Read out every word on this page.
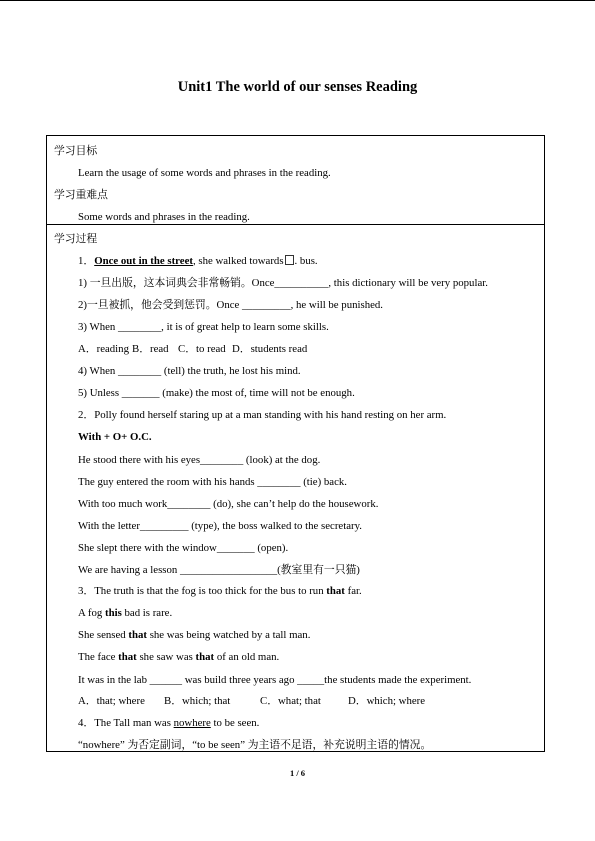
Unit1 The world of our senses Reading
学习目标
Learn the usage of some words and phrases in the reading.
学习重难点
Some words and phrases in the reading.
学习过程
1．Once out in the street, she walked towards . bus.
1) 一旦出版，这本词典会非常畅销。Once__________, this dictionary will be very popular.
2)一旦被抓，他会受到惩罚。Once _________, he will be punished.
3) When ________, it is of great help to learn some skills.
A．reading B．read C．to read D．students read
4) When ________ (tell) the truth, he lost his mind.
5) Unless _______ (make) the most of, time will not be enough.
2．Polly found herself staring up at a man standing with his hand resting on her arm.
With + O+ O.C.
He stood there with his eyes________ (look) at the dog.
The guy entered the room with his hands ________ (tie) back.
With too much work________ (do), she can’t help do the housework.
With the letter_________ (type), the boss walked to the secretary.
She slept there with the window_______ (open).
We are having a lesson __________________(教室里有一只猫)
3．The truth is that the fog is too thick for the bus to run that far.
A fog this bad is rare.
She sensed that she was being watched by a tall man.
The face that she saw was that of an old man.
It was in the lab ______ was build three years ago _____the students made the experiment.
A．that; where B．which; that	C．what; that	D．which; where
4．The Tall man was nowhere to be seen.
“nowhere” 为否定副词，“to be seen” 为主语不足语，补充说明主语的情况。
1 / 6
